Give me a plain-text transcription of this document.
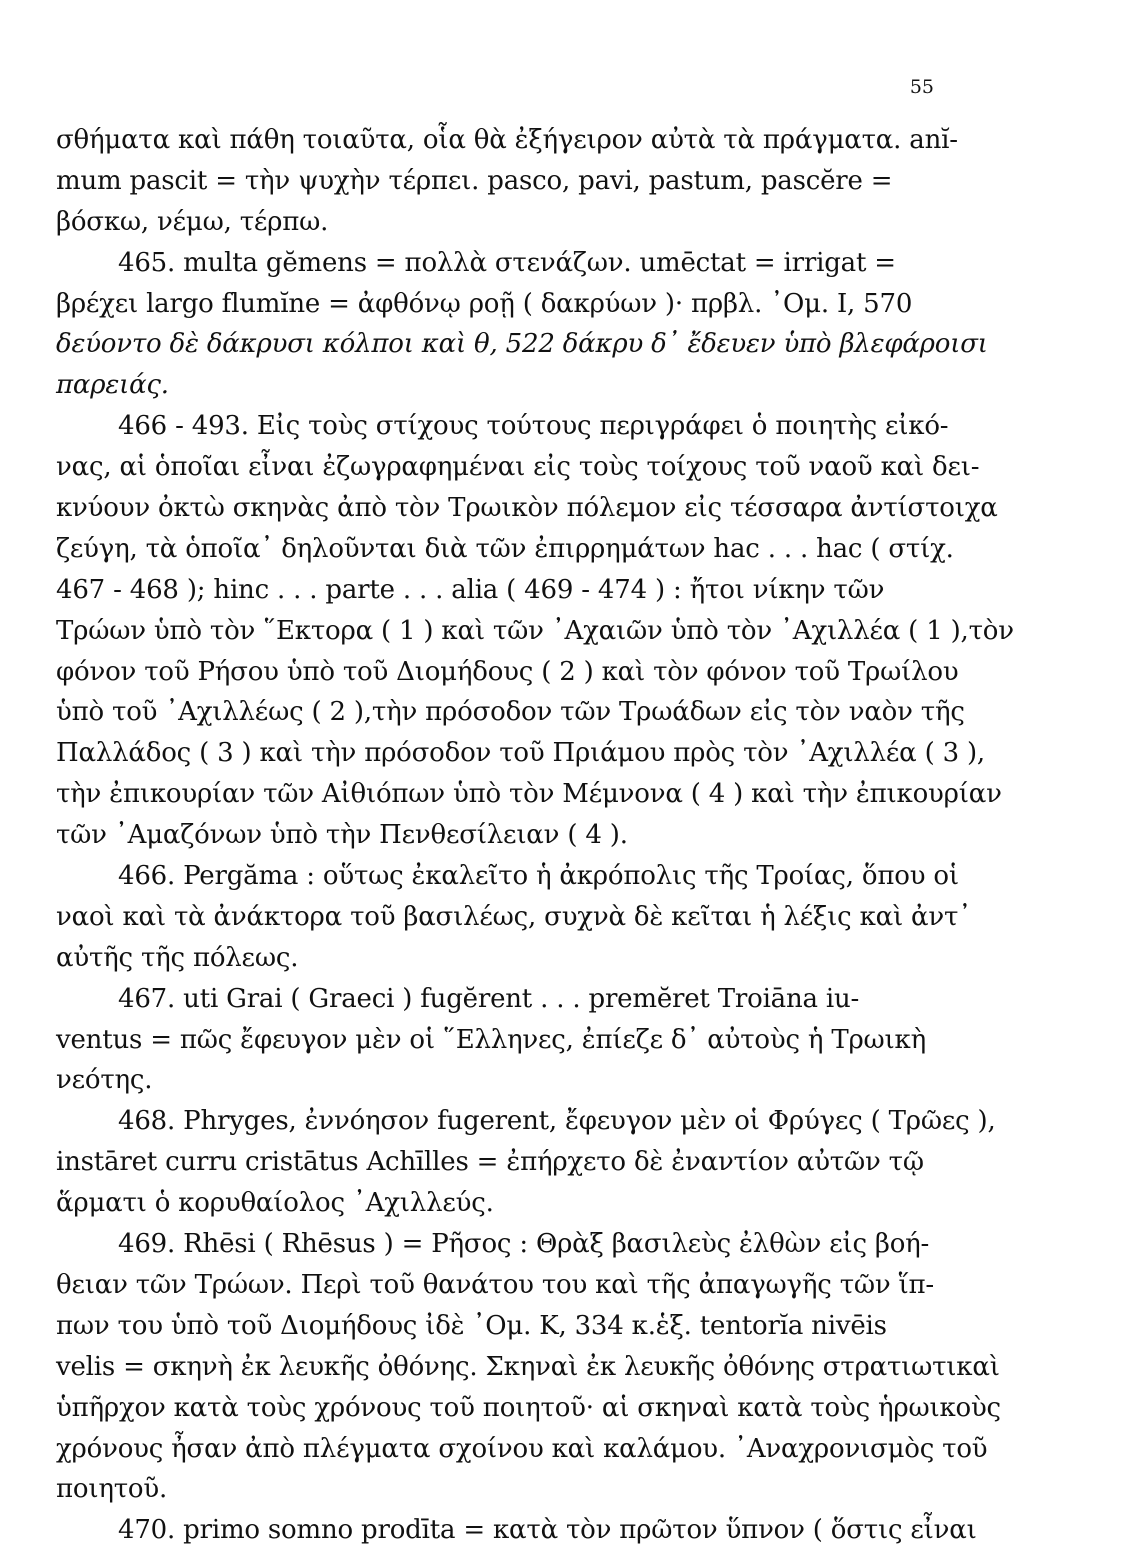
55
σθήματα καὶ πάθη τοιαῦτα, οἷα θὰ ἐξήγειρον αὐτὰ τὰ πράγματα. anĭ-
mum pascit = τὴν ψυχὴν τέρπει. pasco, pavi, pastum, pascĕre =
βόσκω, νέμω, τέρπω.
465. multa gĕmens = πολλὰ στενάζων. umēctat = irrigat =
βρέχει largo flumĭne = ἀφθόνῳ ροῇ ( δακρύων )· πρβλ. ᾿Ομ. I, 570
δεύοντο δὲ δάκρυσι κόλποι καὶ θ, 522 δάκρυ δ᾿ ἔδευεν ὑπὸ βλεφάροισι
παρειάς.
466 - 493. Εἰς τοὺς στίχους τούτους περιγράφει ὁ ποιητὴς εἰκό-
νας, αἱ ὁποῖαι εἶναι ἐζωγραφημέναι εἰς τοὺς τοίχους τοῦ ναοῦ καὶ δει-
κνύουν ὀκτὼ σκηνὰς ἀπὸ τὸν Τρωικὸν πόλεμον εἰς τέσσαρα ἀντίστοιχα
ζεύγη, τὰ ὁποῖα᾿ δηλοῦνται διὰ τῶν ἐπιρρημάτων hac . . . hac ( στίχ.
467 - 468 ); hinc . . . parte . . . alia ( 469 - 474 ) : ἤτοι νίκην τῶν
Τρώων ὑπὸ τὸν ῞Εκτορα ( 1 ) καὶ τῶν ᾿Αχαιῶν ὑπὸ τὸν ᾿Αχιλλέα ( 1 ),τὸν
φόνον τοῦ Ρήσου ὑπὸ τοῦ Διομήδους ( 2 ) καὶ τὸν φόνον τοῦ Τρωίλου
ὑπὸ τοῦ ᾿Αχιλλέως ( 2 ),τὴν πρόσοδον τῶν Τρωάδων εἰς τὸν ναὸν τῆς
Παλλάδος ( 3 ) καὶ τὴν πρόσοδον τοῦ Πριάμου πρὸς τὸν ᾿Αχιλλέα ( 3 ),
τὴν ἐπικουρίαν τῶν Αἰθιόπων ὑπὸ τὸν Μέμνονα ( 4 ) καὶ τὴν ἐπικουρίαν
τῶν ᾿Αμαζόνων ὑπὸ τὴν Πενθεσίλειαν ( 4 ).
466. Pergăma : οὕτως ἐκαλεῖτο ἡ ἀκρόπολις τῆς Τροίας, ὅπου οἱ
ναοὶ καὶ τὰ ἀνάκτορα τοῦ βασιλέως, συχνὰ δὲ κεῖται ἡ λέξις καὶ ἀντ᾿
αὐτῆς τῆς πόλεως.
467. uti Grai ( Graeci ) fugĕrent . . . premĕret Troiāna iu-
ventus = πῶς ἔφευγον μὲν οἱ ῞Ελληνες, ἐπίεζε δ᾿ αὐτοὺς ἡ Τρωικὴ
νεότης.
468. Phryges, ἐννόησον fugerent, ἔφευγον μὲν οἱ Φρύγες ( Τρῶες ),
instāret curru cristātus Achīlles = ἐπήρχετο δὲ ἐναντίον αὐτῶν τῷ
ἅρματι ὁ κορυθαίολος ᾿Αχιλλεύς.
469. Rhēsi ( Rhēsus ) = Ρῆσος : Θρὰξ βασιλεὺς ἐλθὼν εἰς βοή-
θειαν τῶν Τρώων. Περὶ τοῦ θανάτου του καὶ τῆς ἀπαγωγῆς τῶν ἵπ-
πων του ὑπὸ τοῦ Διομήδους ἰδὲ ᾿Ομ. Κ, 334 κ.ἑξ. tentorĭa nivēis
velis = σκηνὴ ἐκ λευκῆς ὀθόνης. Σκηναὶ ἐκ λευκῆς ὀθόνης στρατιωτικαὶ
ὑπῆρχον κατὰ τοὺς χρόνους τοῦ ποιητοῦ· αἱ σκηναὶ κατὰ τοὺς ἡρωικοὺς
χρόνους ἦσαν ἀπὸ πλέγματα σχοίνου καὶ καλάμου. ᾿Αναχρονισμὸς τοῦ
ποιητοῦ.
470. primo somno prodīta = κατὰ τὸν πρῶτον ὕπνον ( ὅστις εἶναι
